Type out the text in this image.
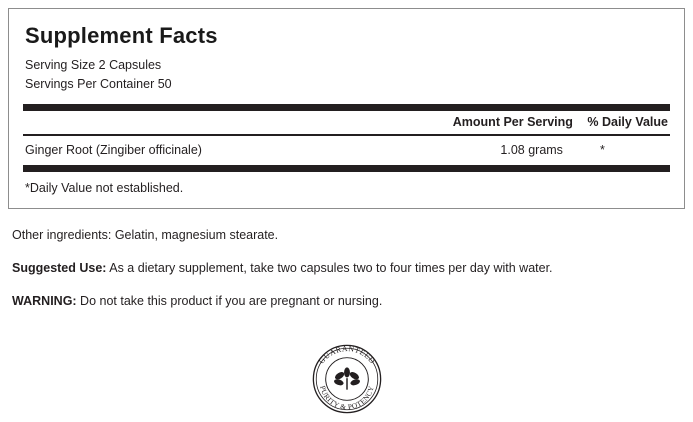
Supplement Facts
Serving Size 2 Capsules
Servings Per Container 50
	Amount Per Serving	% Daily Value
Ginger Root (Zingiber officinale)	1.08 grams	*
*Daily Value not established.

Other ingredients: Gelatin, magnesium stearate.

Suggested Use: As a dietary supplement, take two capsules two to four times per day with water.

WARNING: Do not take this product if you are pregnant or nursing.

GUARANTEED
PURITY & POTENCY
